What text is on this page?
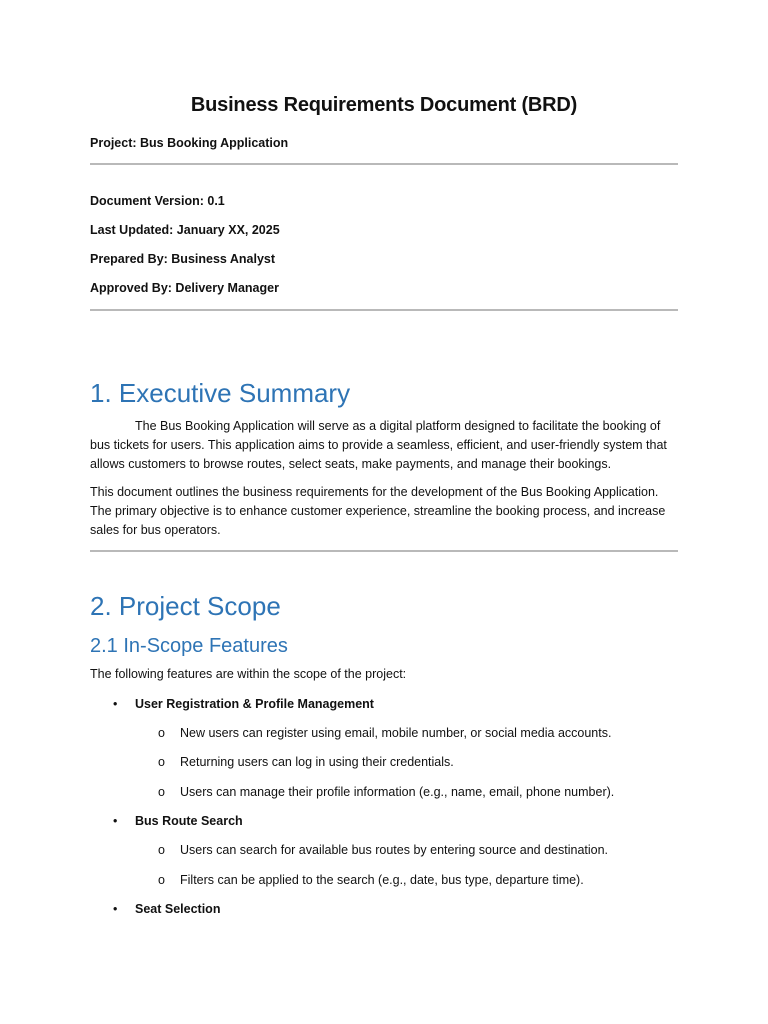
Business Requirements Document (BRD)
Project: Bus Booking Application
Document Version: 0.1
Last Updated: January XX, 2025
Prepared By: Business Analyst
Approved By: Delivery Manager
1. Executive Summary
The Bus Booking Application will serve as a digital platform designed to facilitate the booking of
bus tickets for users. This application aims to provide a seamless, efficient, and user-friendly system that
allows customers to browse routes, select seats, make payments, and manage their bookings.
This document outlines the business requirements for the development of the Bus Booking Application.
The primary objective is to enhance customer experience, streamline the booking process, and increase
sales for bus operators.
2. Project Scope
2.1 In-Scope Features
The following features are within the scope of the project:
• User Registration & Profile Management
o New users can register using email, mobile number, or social media accounts.
o Returning users can log in using their credentials.
o Users can manage their profile information (e.g., name, email, phone number).
• Bus Route Search
o Users can search for available bus routes by entering source and destination.
o Filters can be applied to the search (e.g., date, bus type, departure time).
• Seat Selection
